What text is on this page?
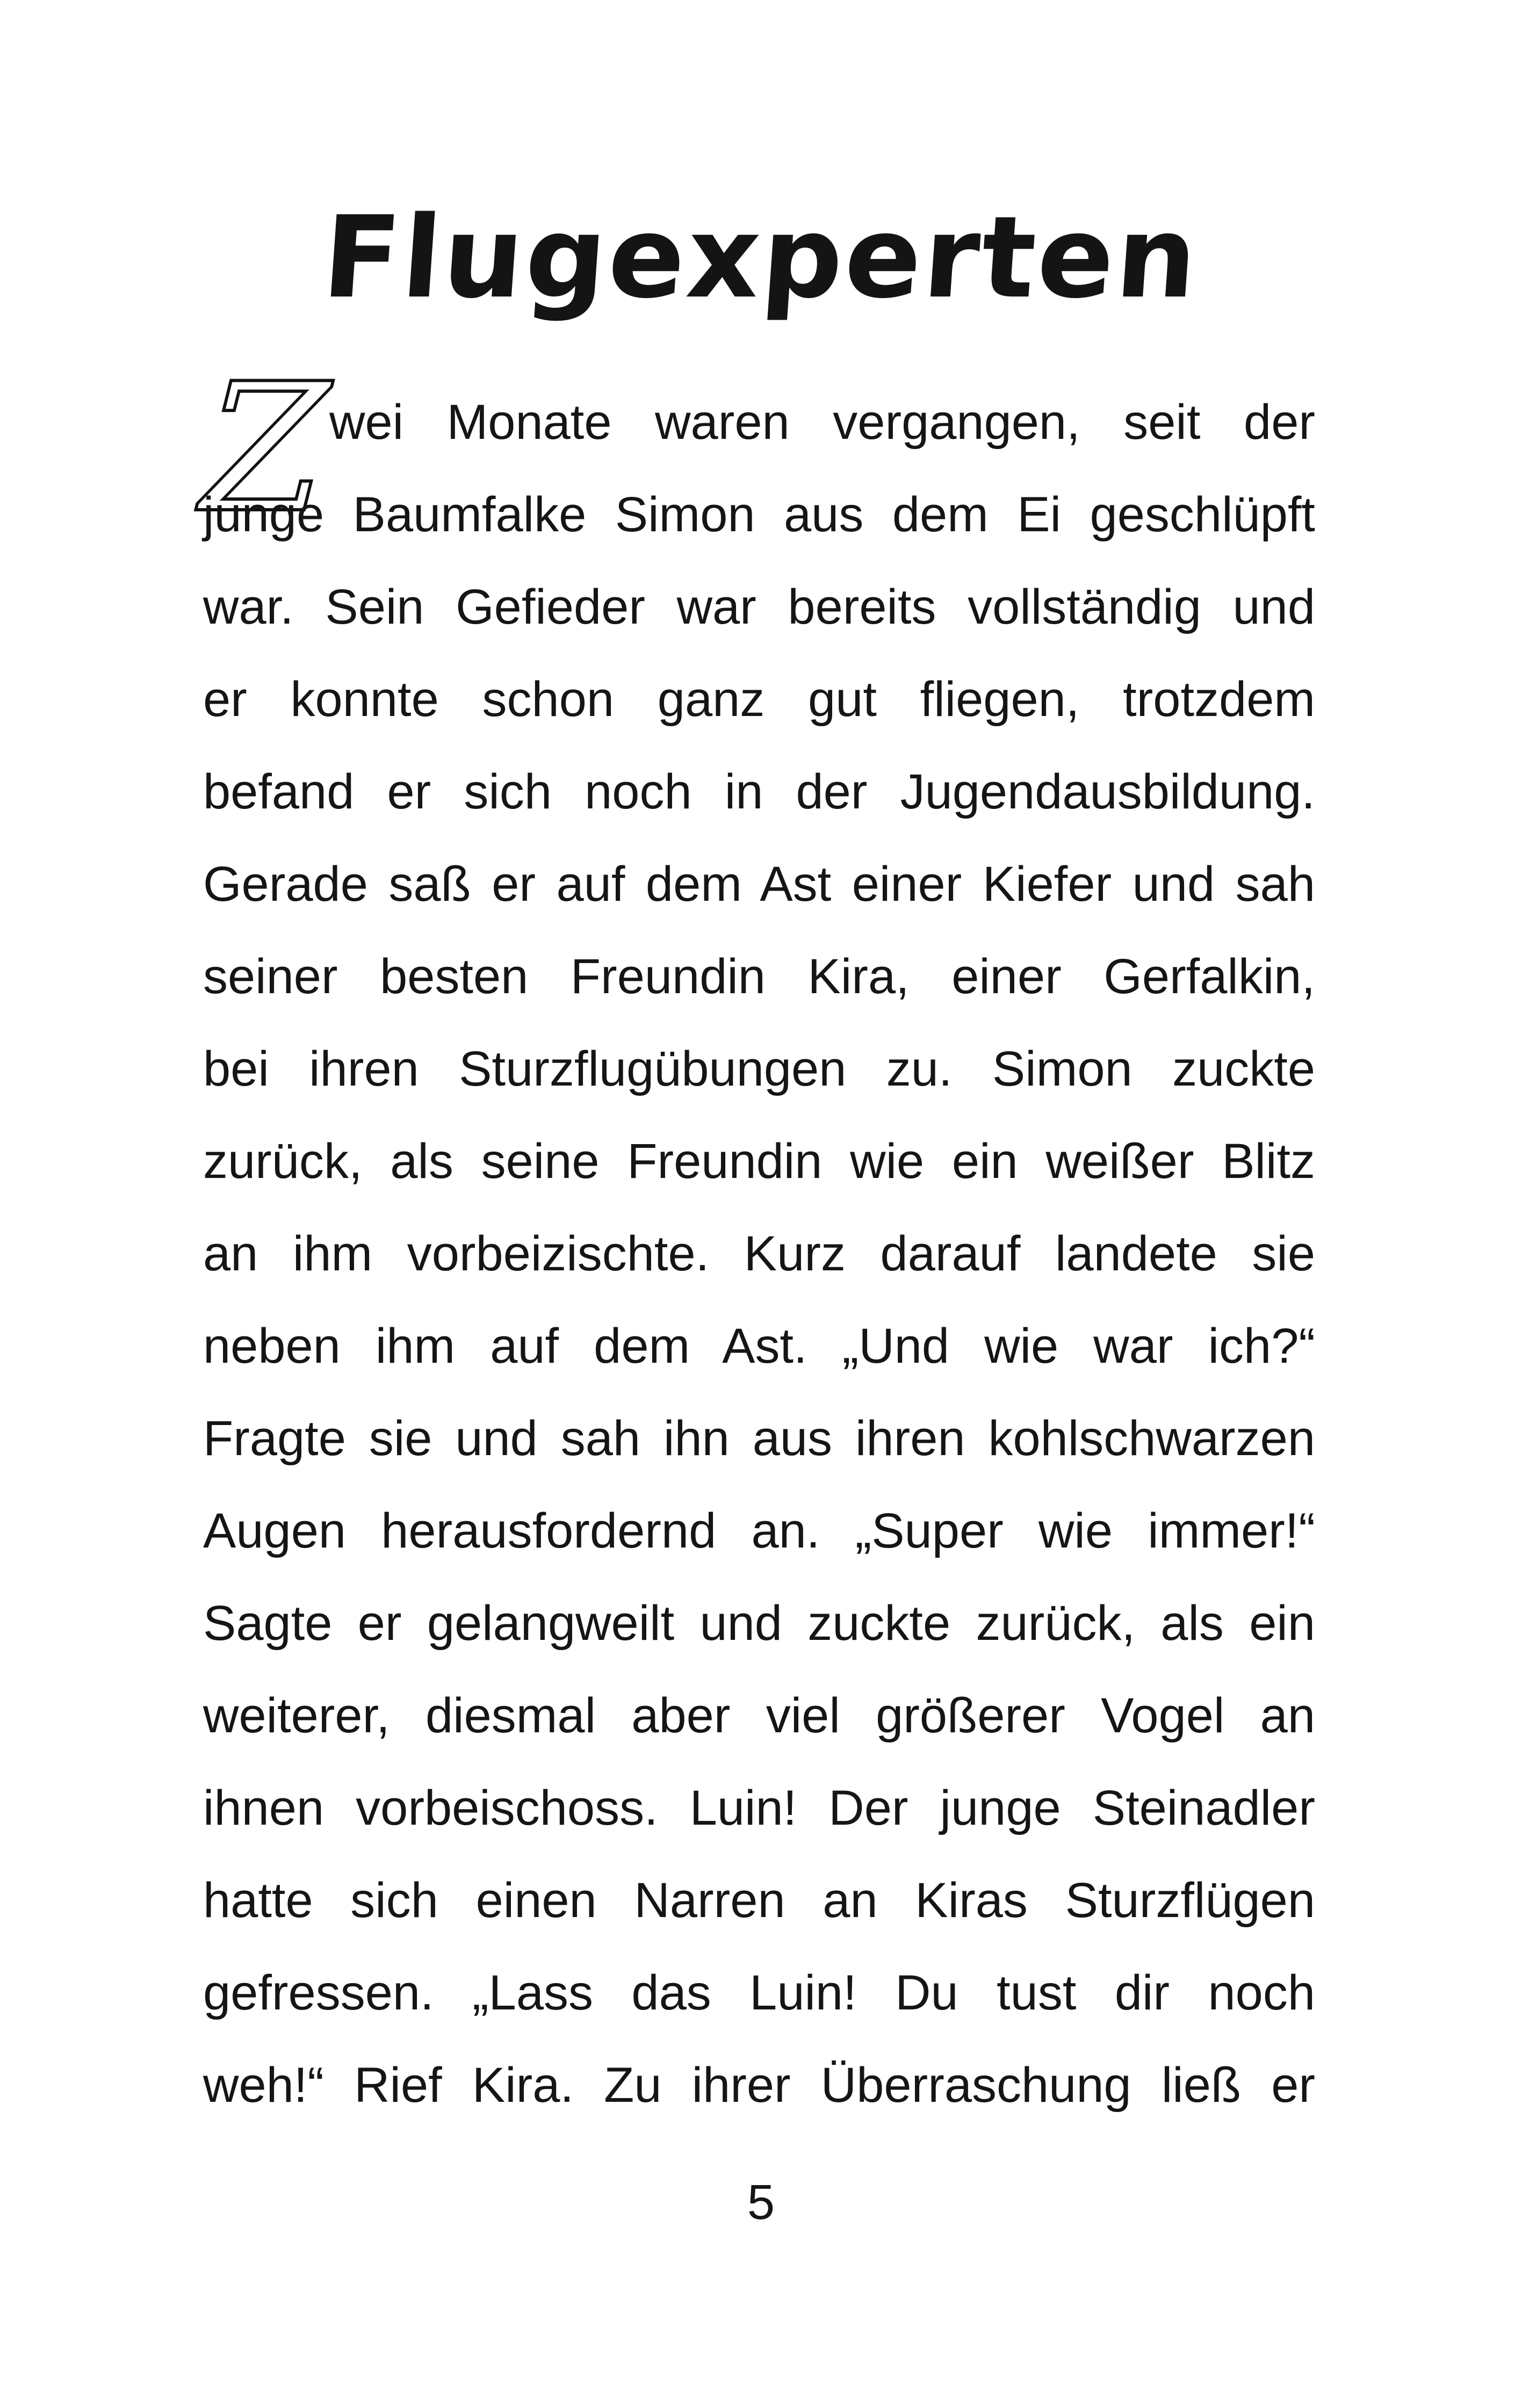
Flugexperten
Z
wei Monate waren vergangen, seit der
junge Baumfalke Simon aus dem Ei geschlüpft
war. Sein Gefieder war bereits vollständig und
er konnte schon ganz gut fliegen, trotzdem
befand er sich noch in der Jugendausbildung.
Gerade saß er auf dem Ast einer Kiefer und sah
seiner besten Freundin Kira, einer Gerfalkin,
bei ihren Sturzflugübungen zu. Simon zuckte
zurück, als seine Freundin wie ein weißer Blitz
an ihm vorbeizischte. Kurz darauf landete sie
neben ihm auf dem Ast. „Und wie war ich?“
Fragte sie und sah ihn aus ihren kohlschwarzen
Augen herausfordernd an. „Super wie immer!“
Sagte er gelangweilt und zuckte zurück, als ein
weiterer, diesmal aber viel größerer Vogel an
ihnen vorbeischoss. Luin! Der junge Steinadler
hatte sich einen Narren an Kiras Sturzflügen
gefressen. „Lass das Luin! Du tust dir noch
weh!“ Rief Kira. Zu ihrer Überraschung ließ er
5
